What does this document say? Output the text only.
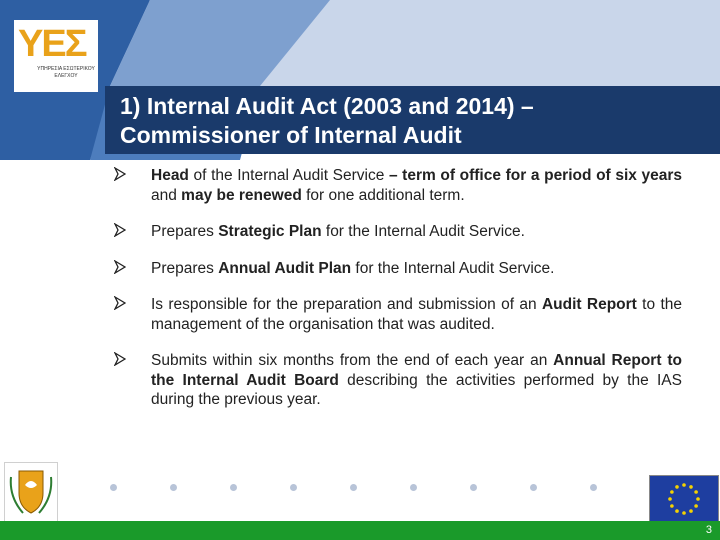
ΥΕΣ
ΥΠΗΡΕΣΙΑ ΕΣΩΤΕΡΙΚΟΥ ΕΛΕΓΧΟΥ
1) Internal Audit Act (2003 and 2014) –
Commissioner of Internal Audit
Head of the Internal Audit Service – term of office for a period of six years and may be renewed for one additional term.
Prepares Strategic Plan for the Internal Audit Service.
Prepares Annual Audit Plan for the Internal Audit Service.
Is responsible for the preparation and submission of an Audit Report to the management of the organisation that was audited.
Submits within six months from the end of each year an Annual Report to the Internal Audit Board describing the activities performed by the IAS during the previous year.
3
